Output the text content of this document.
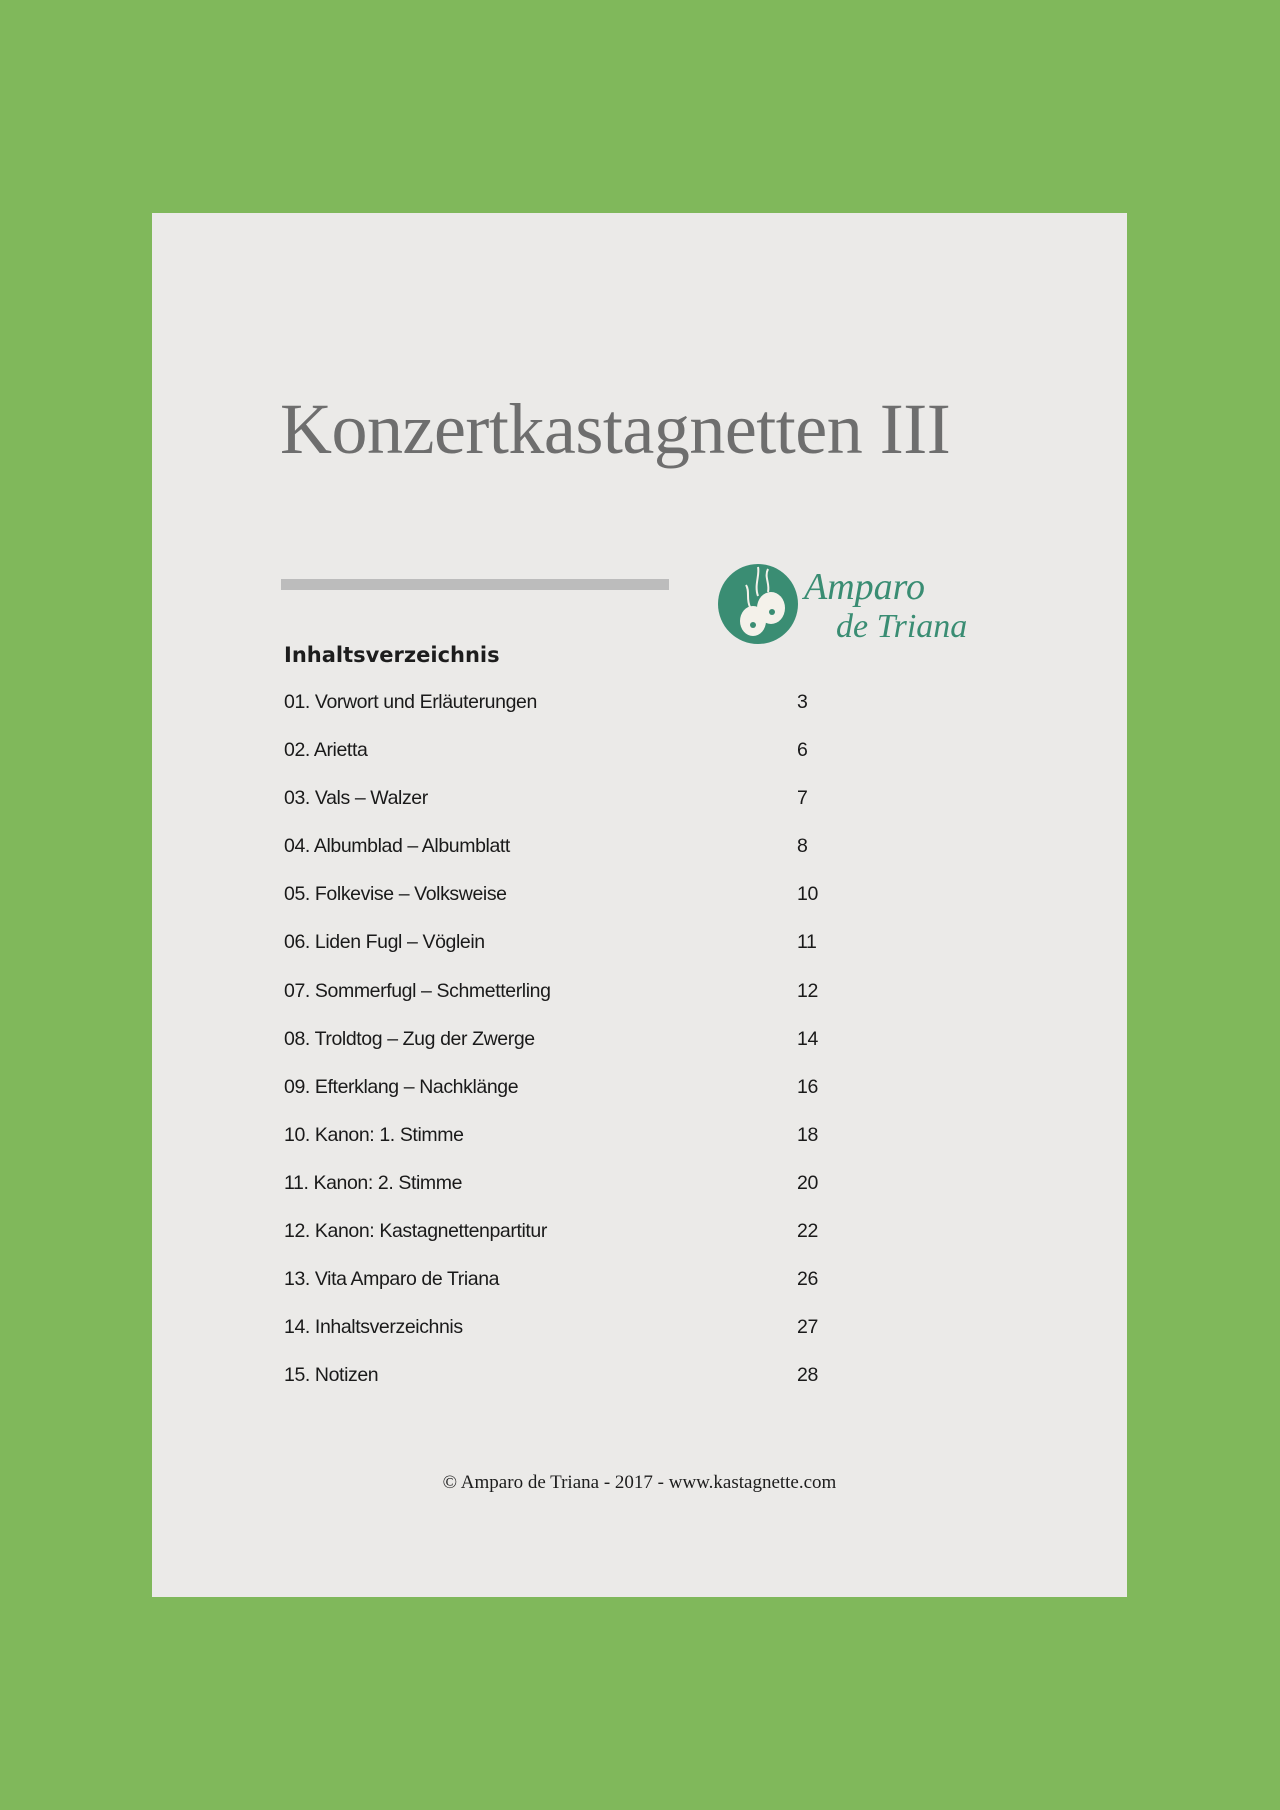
Konzertkastagnetten III
Amparo
de Triana
Inhaltsverzeichnis
01. Vorwort und Erläuterungen	3
02. Arietta	6
03. Vals – Walzer	7
04. Albumblad – Albumblatt	8
05. Folkevise – Volksweise	10
06. Liden Fugl – Vöglein	11
07. Sommerfugl – Schmetterling	12
08. Troldtog – Zug der Zwerge	14
09. Efterklang – Nachklänge	16
10. Kanon: 1. Stimme	18
11. Kanon: 2. Stimme	20
12. Kanon: Kastagnettenpartitur	22
13. Vita Amparo de Triana	26
14. Inhaltsverzeichnis	27
15. Notizen	28
© Amparo de Triana - 2017 - www.kastagnette.com
